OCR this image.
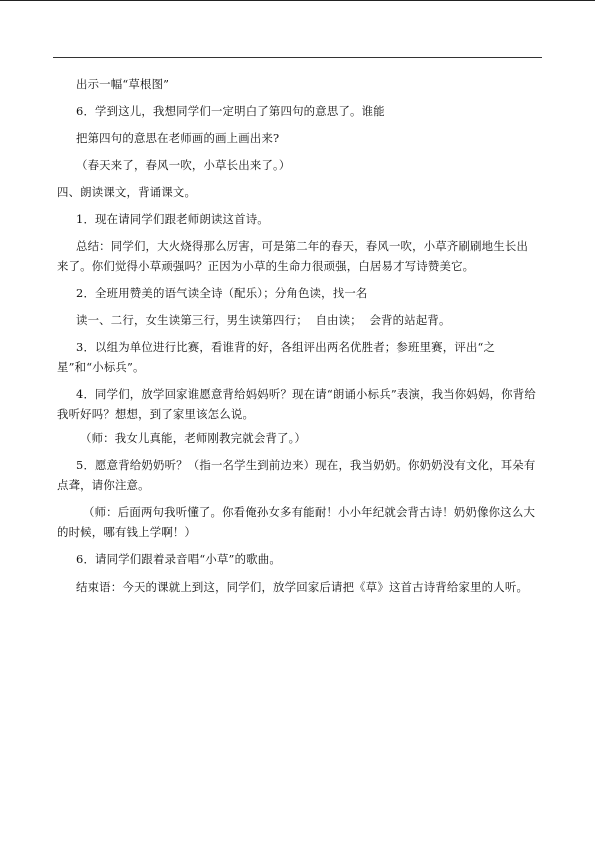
出示一幅“草根图”

6．学到这儿，我想同学们一定明白了第四句的意思了。谁能

把第四句的意思在老师画的画上画出来?

（春天来了，春风一吹，小草长出来了。）

四、朗读课文，背诵课文。

1．现在请同学们跟老师朗读这首诗。

总结：同学们，大火烧得那么厉害，可是第二年的春天，春风一吹，小草齐刷刷地生长出来了。你们觉得小草顽强吗？正因为小草的生命力很顽强，白居易才写诗赞美它。

2．全班用赞美的语气读全诗（配乐）；分角色读，找一名

读一、二行，女生读第三行，男生读第四行；  自由读；  会背的站起背。

3．以组为单位进行比赛，看谁背的好，各组评出两名优胜者；参班里赛，评出“之星”和“小标兵”。

4．同学们，放学回家谁愿意背给妈妈听？现在请“朗诵小标兵”表演，我当你妈妈，你背给我听好吗？想想，到了家里该怎么说。

（师：我女儿真能，老师刚教完就会背了。）

5．愿意背给奶奶听？（指一名学生到前边来）现在，我当奶奶。你奶奶没有文化，耳朵有点聋，请你注意。

（师：后面两句我听懂了。你看俺孙女多有能耐！小小年纪就会背古诗！奶奶像你这么大的时候，哪有钱上学啊！）

6．请同学们跟着录音唱“小草”的歌曲。

结束语：今天的课就上到这，同学们，放学回家后请把《草》这首古诗背给家里的人听。
